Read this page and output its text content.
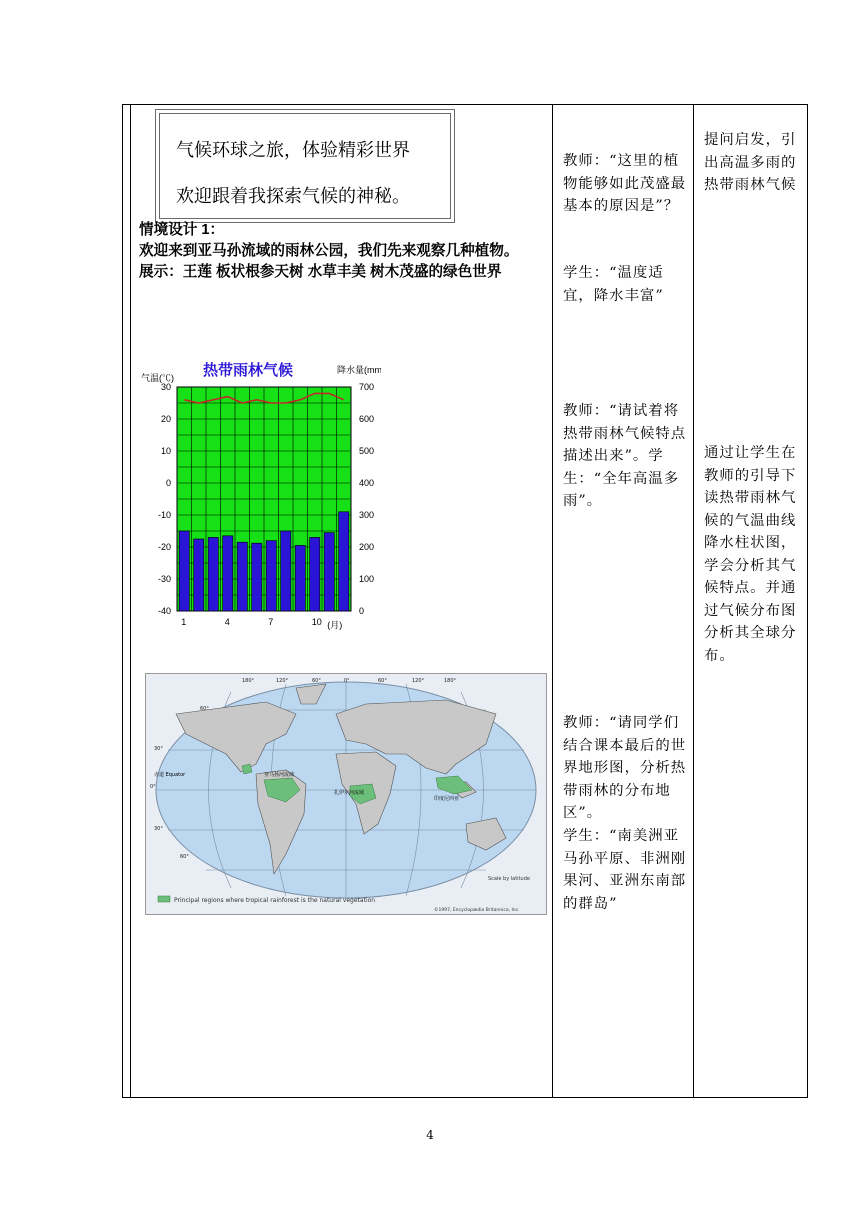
气候环球之旅，体验精彩世界
欢迎跟着我探索气候的神秘。
情境设计 1：
欢迎来到亚马孙流域的雨林公园，我们先来观察几种植物。
展示：王莲 板状根参天树 水草丰美 树木茂盛的绿色世界
热带雨林气候
气温(℃)
降水量(mm)
30
20
10
0
-10
-20
-30
-40
700
600
500
400
300
200
100
0
1	4	7	10 (月)
亚马孙河流域
扎伊尔河流域
印度尼西亚
赤道 Equator
180°	120°	60°	0°	60°	120°	180°
60°
30°
0°
30°
60°
Principal regions where tropical rainforest is the natural vegetation
Scale by latitude
©1997, Encyclopædia Britannica, Inc.
教师：“这里的植物能够如此茂盛最基本的原因是”？
学生：“温度适宜，降水丰富”
教师：“请试着将热带雨林气候特点描述出来”。学生：“全年高温多雨”。
教师：“请同学们结合课本最后的世界地形图，分析热带雨林的分布地区”。
学生：“南美洲亚马孙平原、非洲刚果河、亚洲东南部的群岛”
提问启发，引出高温多雨的热带雨林气候
通过让学生在教师的引导下读热带雨林气候的气温曲线降水柱状图，学会分析其气候特点。并通过气候分布图分析其全球分布。
4
